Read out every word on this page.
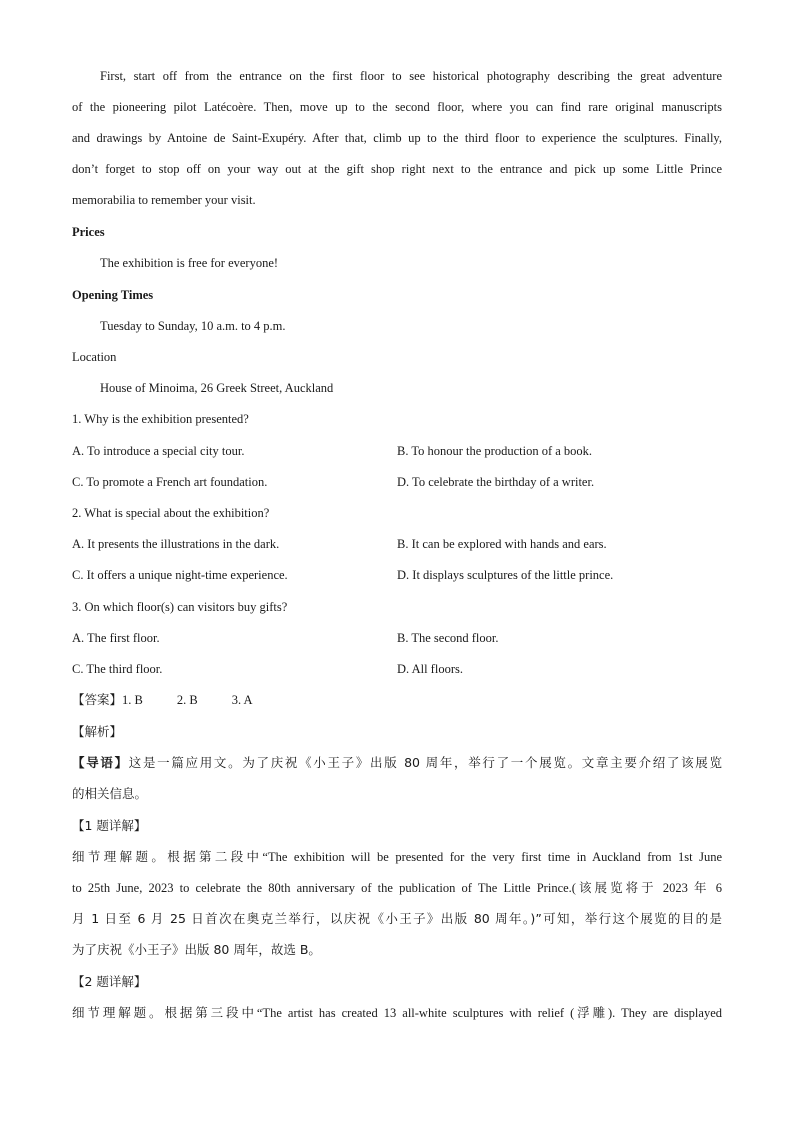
First, start off from the entrance on the first floor to see historical photography describing the great adventure
of the pioneering pilot Latécoère. Then, move up to the second floor, where you can find rare original manuscripts
and drawings by Antoine de Saint-Exupéry. After that, climb up to the third floor to experience the sculptures. Finally,
don’t forget to stop off on your way out at the gift shop right next to the entrance and pick up some Little Prince
memorabilia to remember your visit.
Prices
The exhibition is free for everyone!
Opening Times
Tuesday to Sunday, 10 a.m. to 4 p.m.
Location
House of Minoima, 26 Greek Street, Auckland
1. Why is the exhibition presented?
A. To introduce a special city tour.	B. To honour the production of a book.
C. To promote a French art foundation.	D. To celebrate the birthday of a writer.
2. What is special about the exhibition?
A. It presents the illustrations in the dark.	B. It can be explored with hands and ears.
C. It offers a unique night-time experience.	D. It displays sculptures of the little prince.
3. On which floor(s) can visitors buy gifts?
A. The first floor.	B. The second floor.
C. The third floor.	D. All floors.
【答案】1. B	2. B	3. A
【解析】
【导语】这是一篇应用文。为了庆祝《小王子》出版 80 周年，举行了一个展览。文章主要介绍了该展览
的相关信息。
【1 题详解】
细节理解题。根据第二段中“The exhibition will be presented for the very first time in Auckland from 1st June
to 25th June, 2023 to celebrate the 80th anniversary of the publication of The Little Prince.(该展览将于 2023 年 6
月 1 日至 6 月 25 日首次在奥克兰举行，以庆祝《小王子》出版 80 周年。)”可知，举行这个展览的目的是
为了庆祝《小王子》出版 80 周年，故选 B。
【2 题详解】
细节理解题。根据第三段中“The artist has created 13 all-white sculptures with relief (浮雕). They are displayed
